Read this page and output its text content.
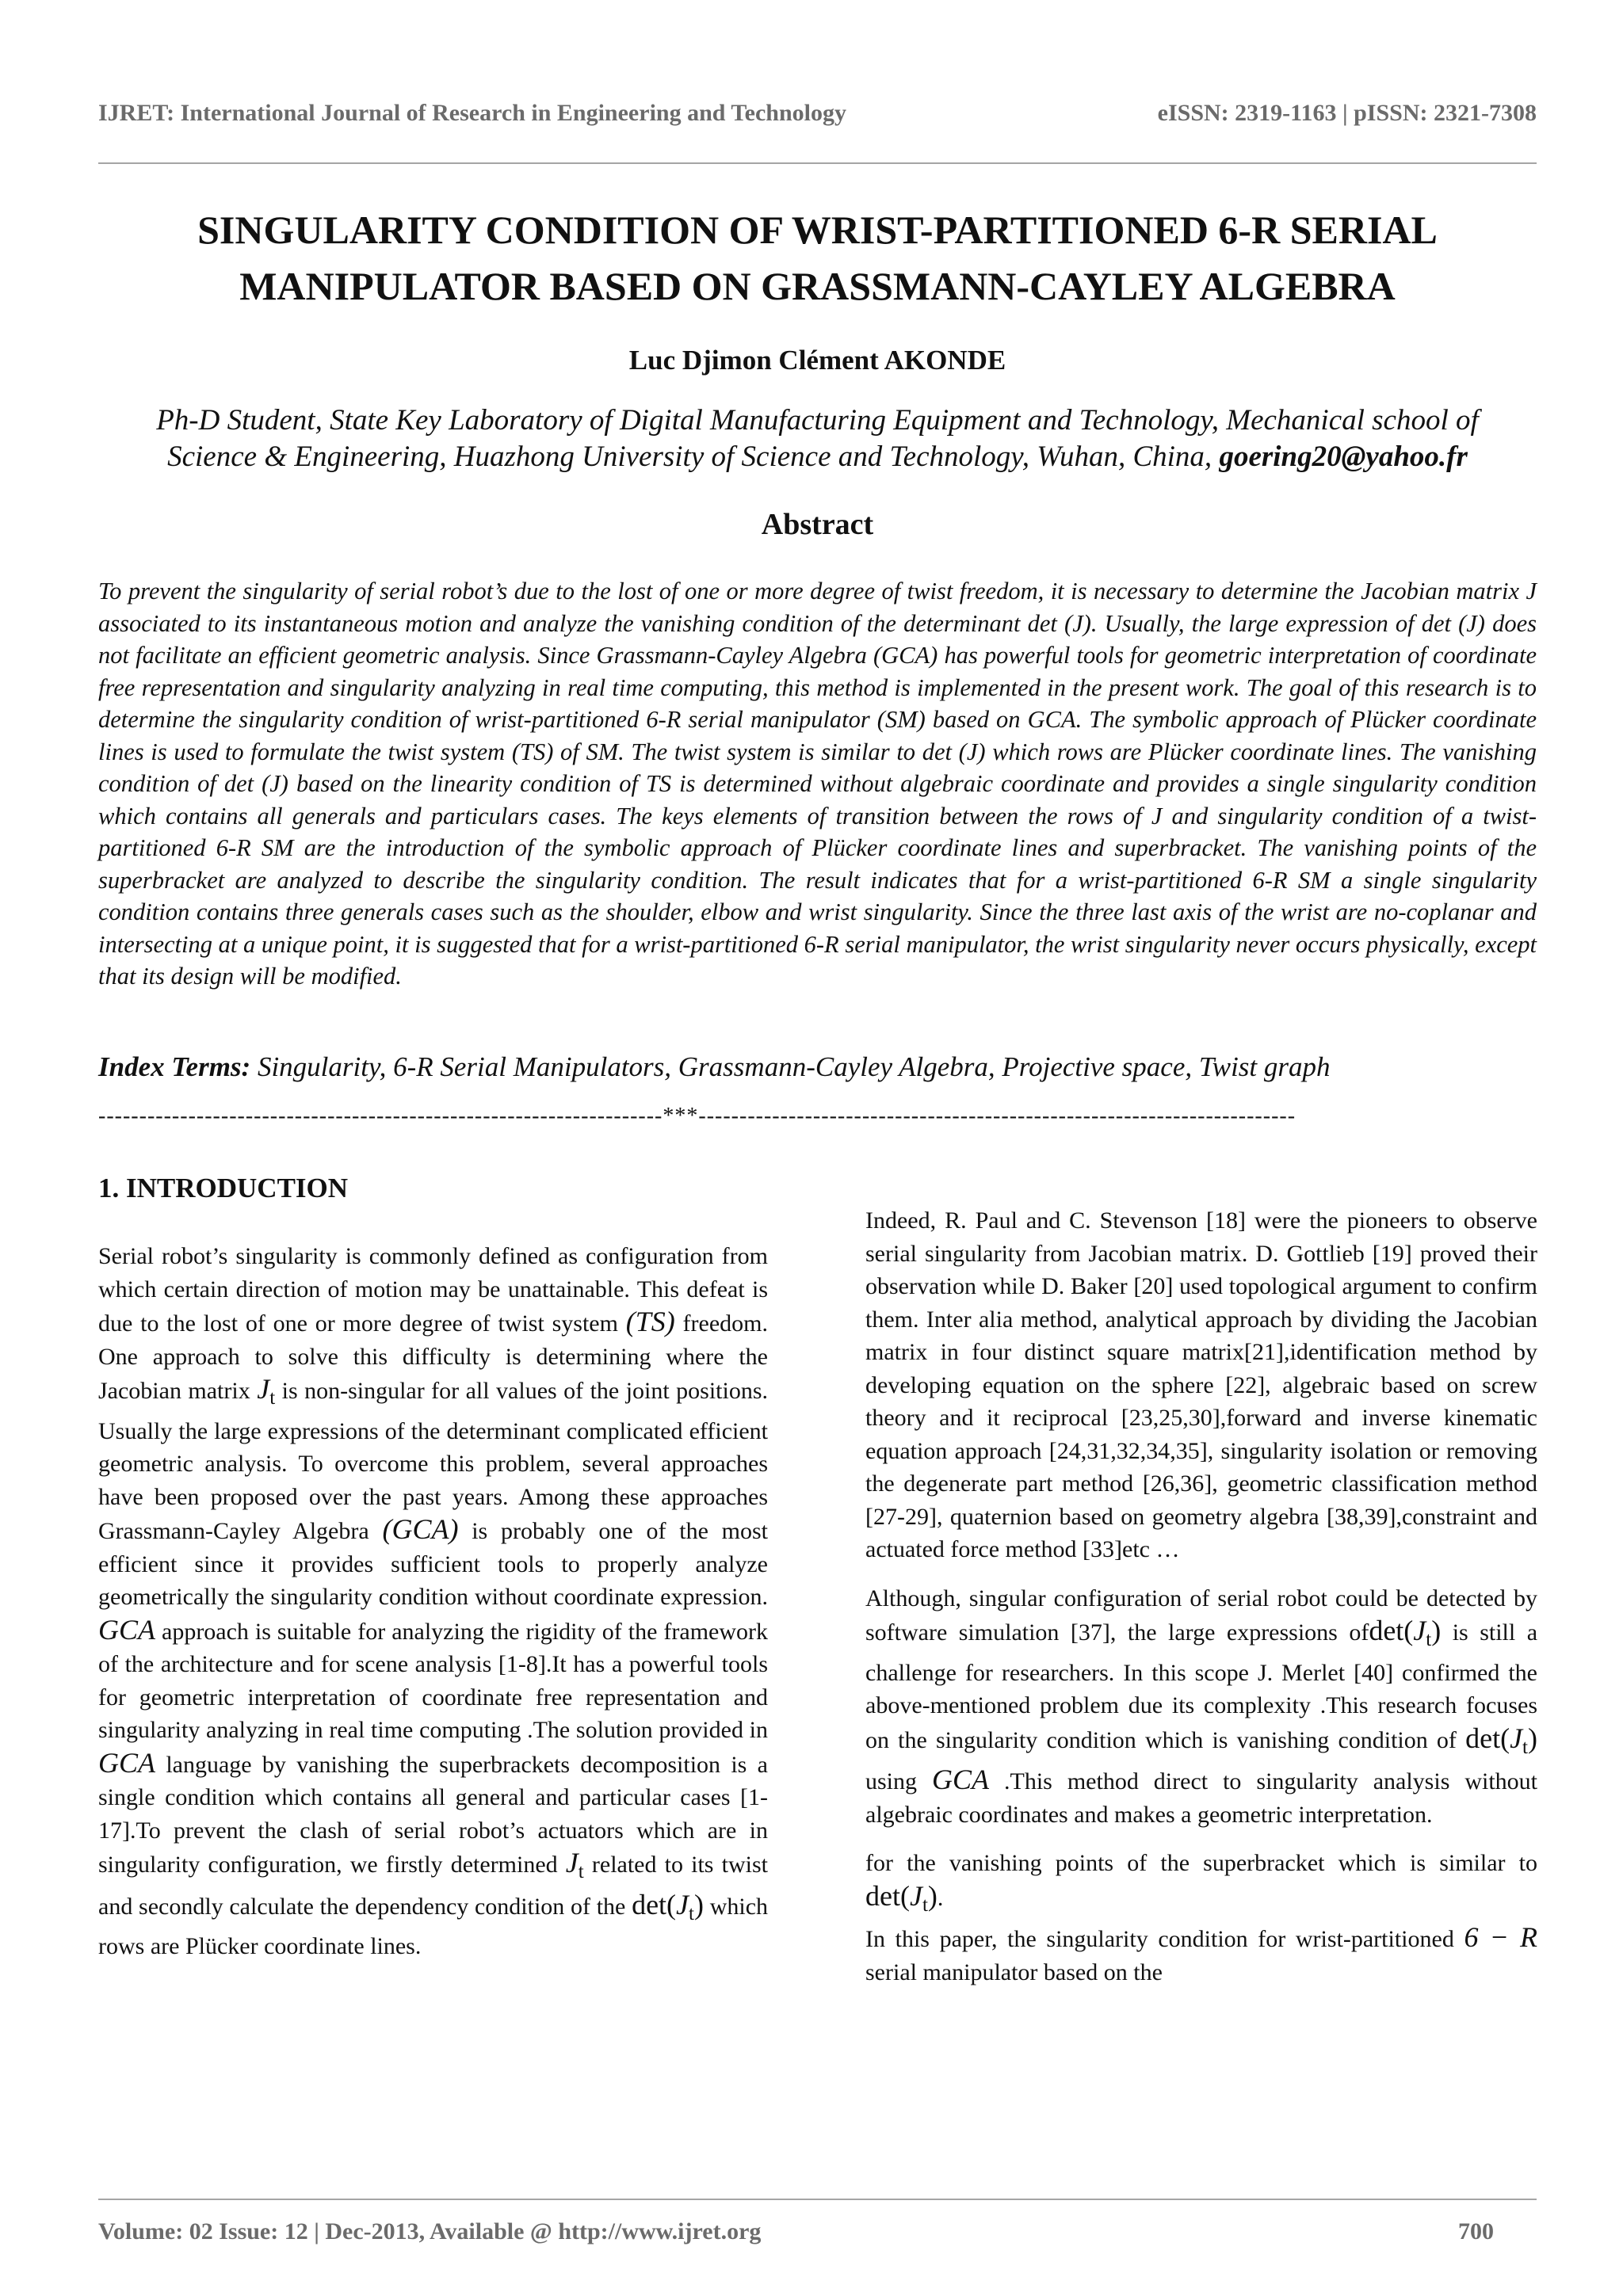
IJRET: International Journal of Research in Engineering and Technology	eISSN: 2319-1163 | pISSN: 2321-7308
SINGULARITY CONDITION OF WRIST-PARTITIONED 6-R SERIAL
MANIPULATOR BASED ON GRASSMANN-CAYLEY ALGEBRA
Luc Djimon Clément AKONDE
Ph-D Student, State Key Laboratory of Digital Manufacturing Equipment and Technology, Mechanical school of
Science & Engineering, Huazhong University of Science and Technology, Wuhan, China, goering20@yahoo.fr
Abstract
To prevent the singularity of serial robot’s due to the lost of one or more degree of twist freedom, it is necessary to determine the Jacobian matrix J associated to its instantaneous motion and analyze the vanishing condition of the determinant det (J). Usually, the large expression of det (J) does not facilitate an efficient geometric analysis. Since Grassmann-Cayley Algebra (GCA) has powerful tools for geometric interpretation of coordinate free representation and singularity analyzing in real time computing, this method is implemented in the present work. The goal of this research is to determine the singularity condition of wrist-partitioned 6-R serial manipulator (SM) based on GCA. The symbolic approach of Plücker coordinate lines is used to formulate the twist system (TS) of SM. The twist system is similar to det (J) which rows are Plücker coordinate lines. The vanishing condition of det (J) based on the linearity condition of TS is determined without algebraic coordinate and provides a single singularity condition which contains all generals and particulars cases. The keys elements of transition between the rows of J and singularity condition of a twist-partitioned 6-R SM are the introduction of the symbolic approach of Plücker coordinate lines and superbracket. The vanishing points of the superbracket are analyzed to describe the singularity condition. The result indicates that for a wrist-partitioned 6-R SM a single singularity condition contains three generals cases such as the shoulder, elbow and wrist singularity. Since the three last axis of the wrist are no-coplanar and intersecting at a unique point, it is suggested that for a wrist-partitioned 6-R serial manipulator, the wrist singularity never occurs physically, except that its design will be modified.
Index Terms: Singularity, 6-R Serial Manipulators, Grassmann-Cayley Algebra, Projective space, Twist graph
---------------------------------------------------------------------***-------------------------------------------------------------------------
1. INTRODUCTION

Serial robot’s singularity is commonly defined as configuration from which certain direction of motion may be unattainable. This defeat is due to the lost of one or more degree of twist system (TS) freedom. One approach to solve this difficulty is determining where the Jacobian matrix $J_t$ is non-singular for all values of the joint positions. Usually the large expressions of the determinant complicated efficient geometric analysis. To overcome this problem, several approaches have been proposed over the past years. Among these approaches Grassmann-Cayley Algebra (GCA) is probably one of the most efficient since it provides sufficient tools to properly analyze geometrically the singularity condition without coordinate expression. GCA approach is suitable for analyzing the rigidity of the framework of the architecture and for scene analysis [1-8].It has a powerful tools for geometric interpretation of coordinate free representation and singularity analyzing in real time computing .The solution provided in GCA language by vanishing the superbrackets decomposition is a single condition which contains all general and particular cases [1-17].To prevent the clash of serial robot’s actuators which are in singularity configuration, we firstly determined $J_t$ related to its twist and secondly calculate the dependency condition of the $\det(J_t)$ which rows are Plücker coordinate lines.

Indeed, R. Paul and C. Stevenson [18] were the pioneers to observe serial singularity from Jacobian matrix. D. Gottlieb [19] proved their observation while D. Baker [20] used topological argument to confirm them. Inter alia method, analytical approach by dividing the Jacobian matrix in four distinct square matrix[21],identification method by developing equation on the sphere [22], algebraic based on screw theory and it reciprocal [23,25,30],forward and inverse kinematic equation approach [24,31,32,34,35], singularity isolation or removing the degenerate part method [26,36], geometric classification method [27-29], quaternion based on geometry algebra [38,39],constraint and actuated force method [33]etc …

Although, singular configuration of serial robot could be detected by software simulation [37], the large expressions $ofdet(J_t)$ is still a challenge for researchers. In this scope J. Merlet [40] confirmed the above-mentioned problem due its complexity .This research focuses on the singularity condition which is vanishing condition of $\det(J_t)$ using GCA .This method direct to singularity analysis without algebraic coordinates and makes a geometric interpretation.

for the vanishing points of the superbracket which is similar to $\det(J_t)$.
In this paper, the singularity condition for wrist-partitioned 6 − R serial manipulator based on the

Volume: 02 Issue: 12 | Dec-2013, Available @ http://www.ijret.org	700
